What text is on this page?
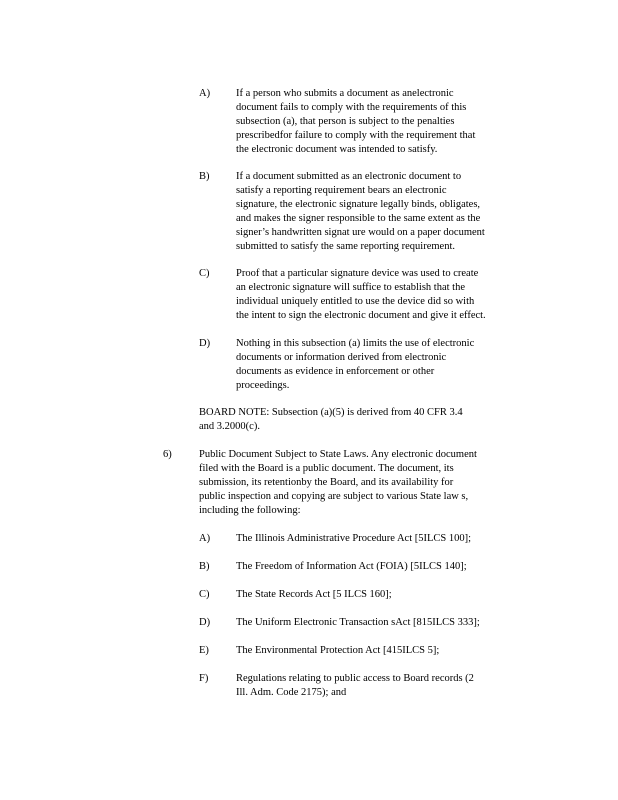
A) If a person who submits a document as anelectronic

document fails to comply with the requirements of this

subsection (a), that person is subject to the penalties

prescribedfor failure to comply with the requirement that

the electronic document was intended to satisfy.

B)	If a document submitted as an electronic document to

satisfy a reporting requirement bears an electronic

signature, the electronic signature legally binds, obligates,

and makes the signer responsible to the same extent as the

signer’s handwritten signat ure would on a paper document

submitted to satisfy the same reporting requirement.

C)	Proof that a particular signature device was used to create

an electronic signature will suffice to establish that the

individual uniquely entitled to use the device did so with

the intent to sign the electronic document and give it effect.

D) Nothing in this subsection (a) limits the use of electronic

documents or information derived from electronic

documents as evidence in enforcement or other

proceedings.

BOARD NOTE: Subsection (a)(5) is derived from 40 CFR 3.4

and 3.2000(c).

6)	Public Document Subject to State Laws. Any electronic document

filed with the Board is a public document. The document, its

submission, its retentionby the Board, and its availability for

public inspection and copying are subject to various State law s,

including the following:

A) The Illinois Administrative Procedure Act [5ILCS 100];
B)	The Freedom of Information Act (FOIA) [5ILCS 140];
C)	The State Records Act [5 ILCS 160];
D) The Uniform Electronic Transaction sAct [815ILCS 333];
E)	The Environmental Protection Act [415ILCS 5];
F)	Regulations relating to public access to Board records (2

Ill. Adm. Code 2175); and
